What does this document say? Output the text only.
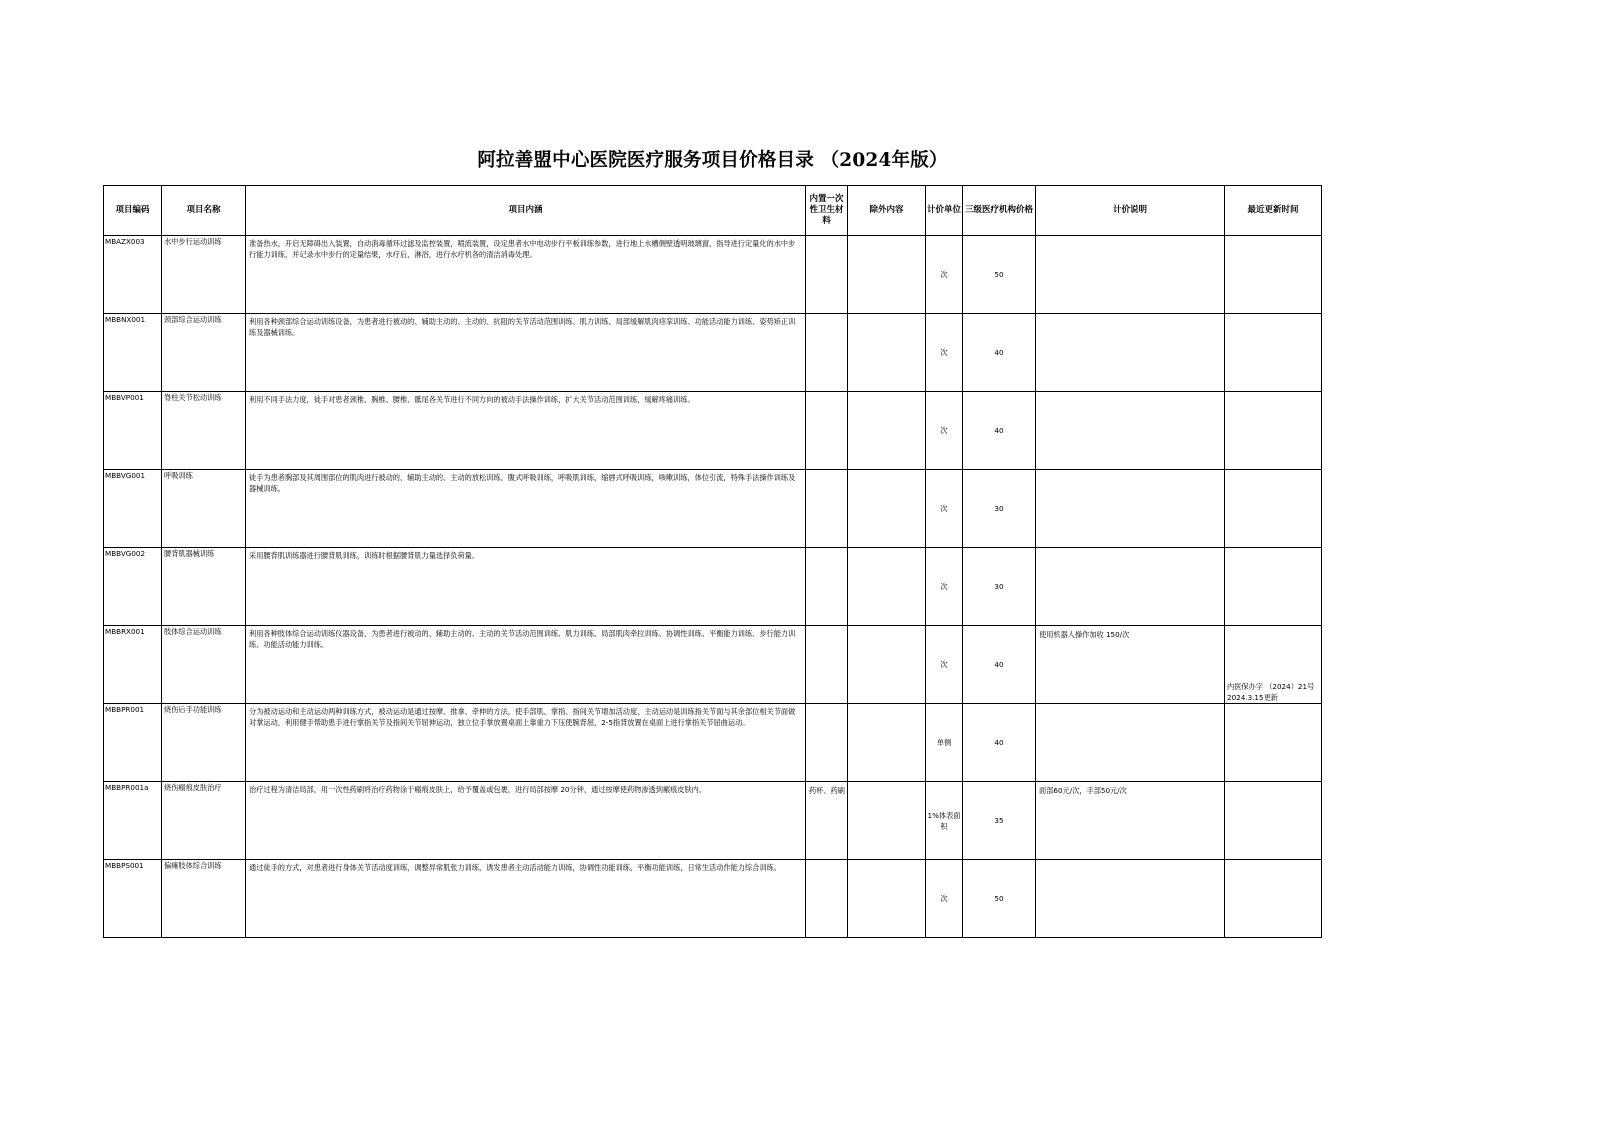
阿拉善盟中心医院医疗服务项目价格目录 （2024年版）
项目编码	项目名称	项目内涵	内置一次性卫生材料	除外内容	计价单位	三级医疗机构价格	计价说明	最近更新时间
MBAZX003	水中步行运动训练	准备热水，开启无障碍出入装置，自动消毒循环过滤及监控装置，喷流装置，设定患者水中电动步行平板训练参数，进行地上水槽侧壁透明玻璃窗，指导进行定量化的水中步行能力训练，并记录水中步行的定量结果，水疗后，淋浴，进行水疗机各的清洁消毒处理。			次	50		
MBBNX001	颈部综合运动训练	利用各种颈部综合运动训练设备，为患者进行被动的、辅助主动的、主动的、抗阻的关节活动范围训练、肌力训练、局部缓解肌肉痉挛训练、功能活动能力训练、姿势矫正训练及器械训练。			次	40		
MBBVP001	脊柱关节松动训练	利用不同手法力度，徒手对患者颈椎、胸椎、腰椎、骶尾各关节进行不同方向的被动手法操作训练，扩大关节活动范围训练，缓解疼痛训练。			次	40		
MBBVG001	呼吸训练	徒手为患者胸部及其周围部位的肌肉进行被动的、辅助主动的、主动的放松训练，腹式呼吸训练，呼吸肌训练，缩唇式呼吸训练，咳嗽训练，体位引流，特殊手法操作训练及器械训练。			次	30		
MBBVG002	腰背肌器械训练	采用腰背肌训练器进行腰背肌训练，训练时根据腰背肌力量选择负荷量。			次	30		
MBBRX001	肢体综合运动训练	利用各种肢体综合运动训练仪器设备，为患者进行被动的、辅助主动的、主动的关节活动范围训练、肌力训练、局部肌肉牵拉训练、协调性训练、平衡能力训练、步行能力训练、功能活动能力训练。			次	40	使用机器人操作加收 150/次	内医保办字 （2024）21号 2024.3.15更新
MBBPR001	烧伤后手功能训练	分为被动运动和主动运动两种训练方式，被动运动是通过按摩、推拿、牵伸的方法，使手部肌、掌指、指间关节增加活动度，主动运动是训练指关节面与其余部位相关节面做对掌运动，利用健手帮助患手进行掌指关节及指间关节屈伸运动，独立位手掌放置桌面上靠重力下压使腕背屈，2-5指背放置在桌面上进行掌指关节屈曲运动。			单侧	40		
MBBPR001a	烧伤瘢痕皮肤治疗	治疗过程为清洁局部，用一次性药刷将治疗药物涂于瘢痕皮肤上，给予覆盖或包裹，进行局部按摩 20分钟，通过按摩使药物渗透到瘢痕皮肤内。	药杯、药刷		1%体表面积	35	面部60元/次，手部50元/次	
MBBPS001	偏瘫肢体综合训练	通过徒手的方式，对患者进行身体关节活动度训练，调整异常肌张力训练，诱发患者主动活动能力训练，协调性功能训练，平衡功能训练，日常生活动作能力综合训练。			次	50		
